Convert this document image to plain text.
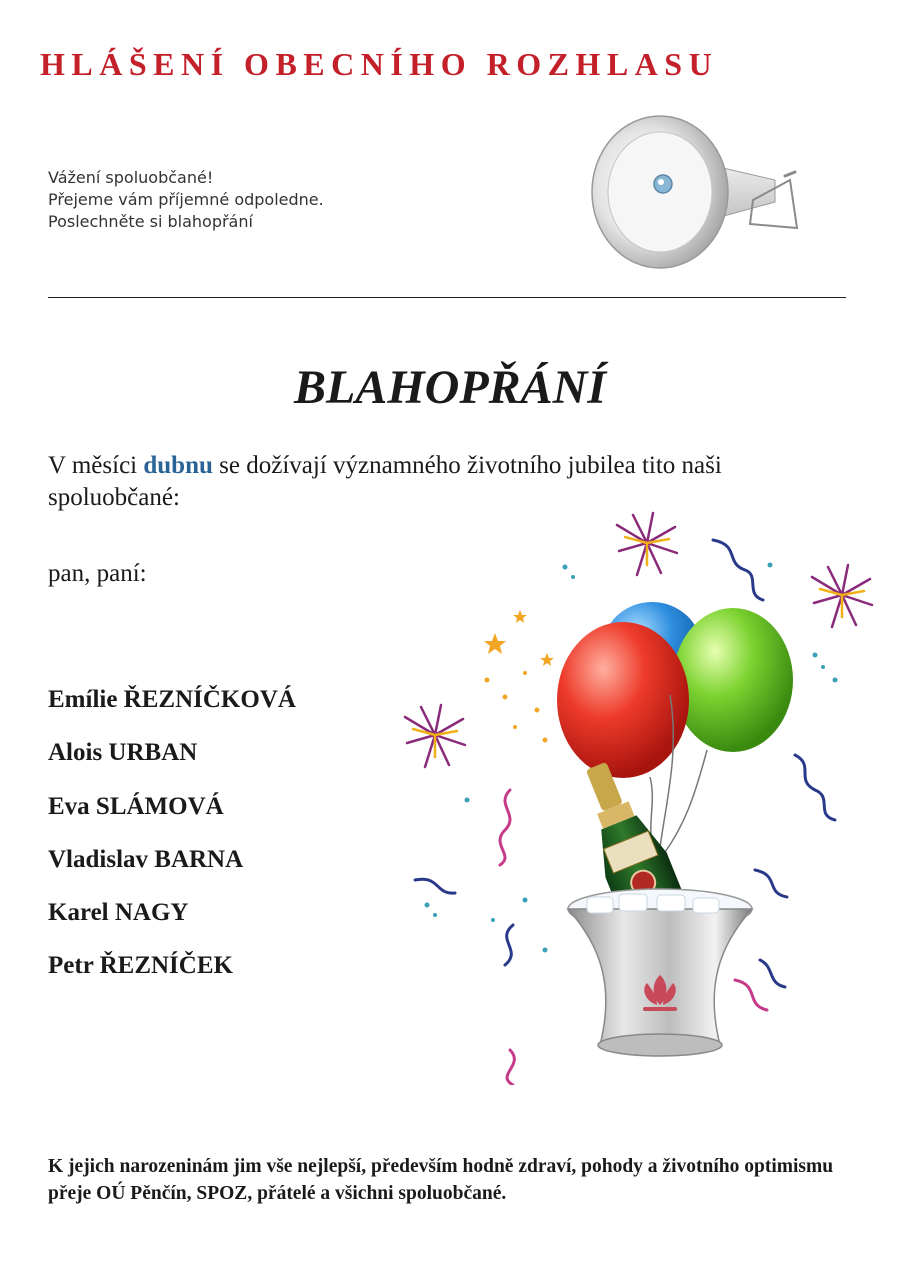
HLÁŠENÍ OBECNÍHO ROZHLASU
Vážení spoluobčané!
Přejeme vám příjemné odpoledne.
Poslechněte si blahopřání
BLAHOPŘÁNÍ
V měsíci dubnu se dožívají významného životního jubilea tito naši spoluobčané:
pan, paní:
Emílie ŘEZNÍČKOVÁ
Alois URBAN
Eva SLÁMOVÁ
Vladislav BARNA
Karel NAGY
Petr ŘEZNÍČEK
K jejich narozeninám jim vše nejlepší, především hodně zdraví, pohody a životního optimismu přeje OÚ Pěnčín, SPOZ, přátelé a všichni spoluobčané.
